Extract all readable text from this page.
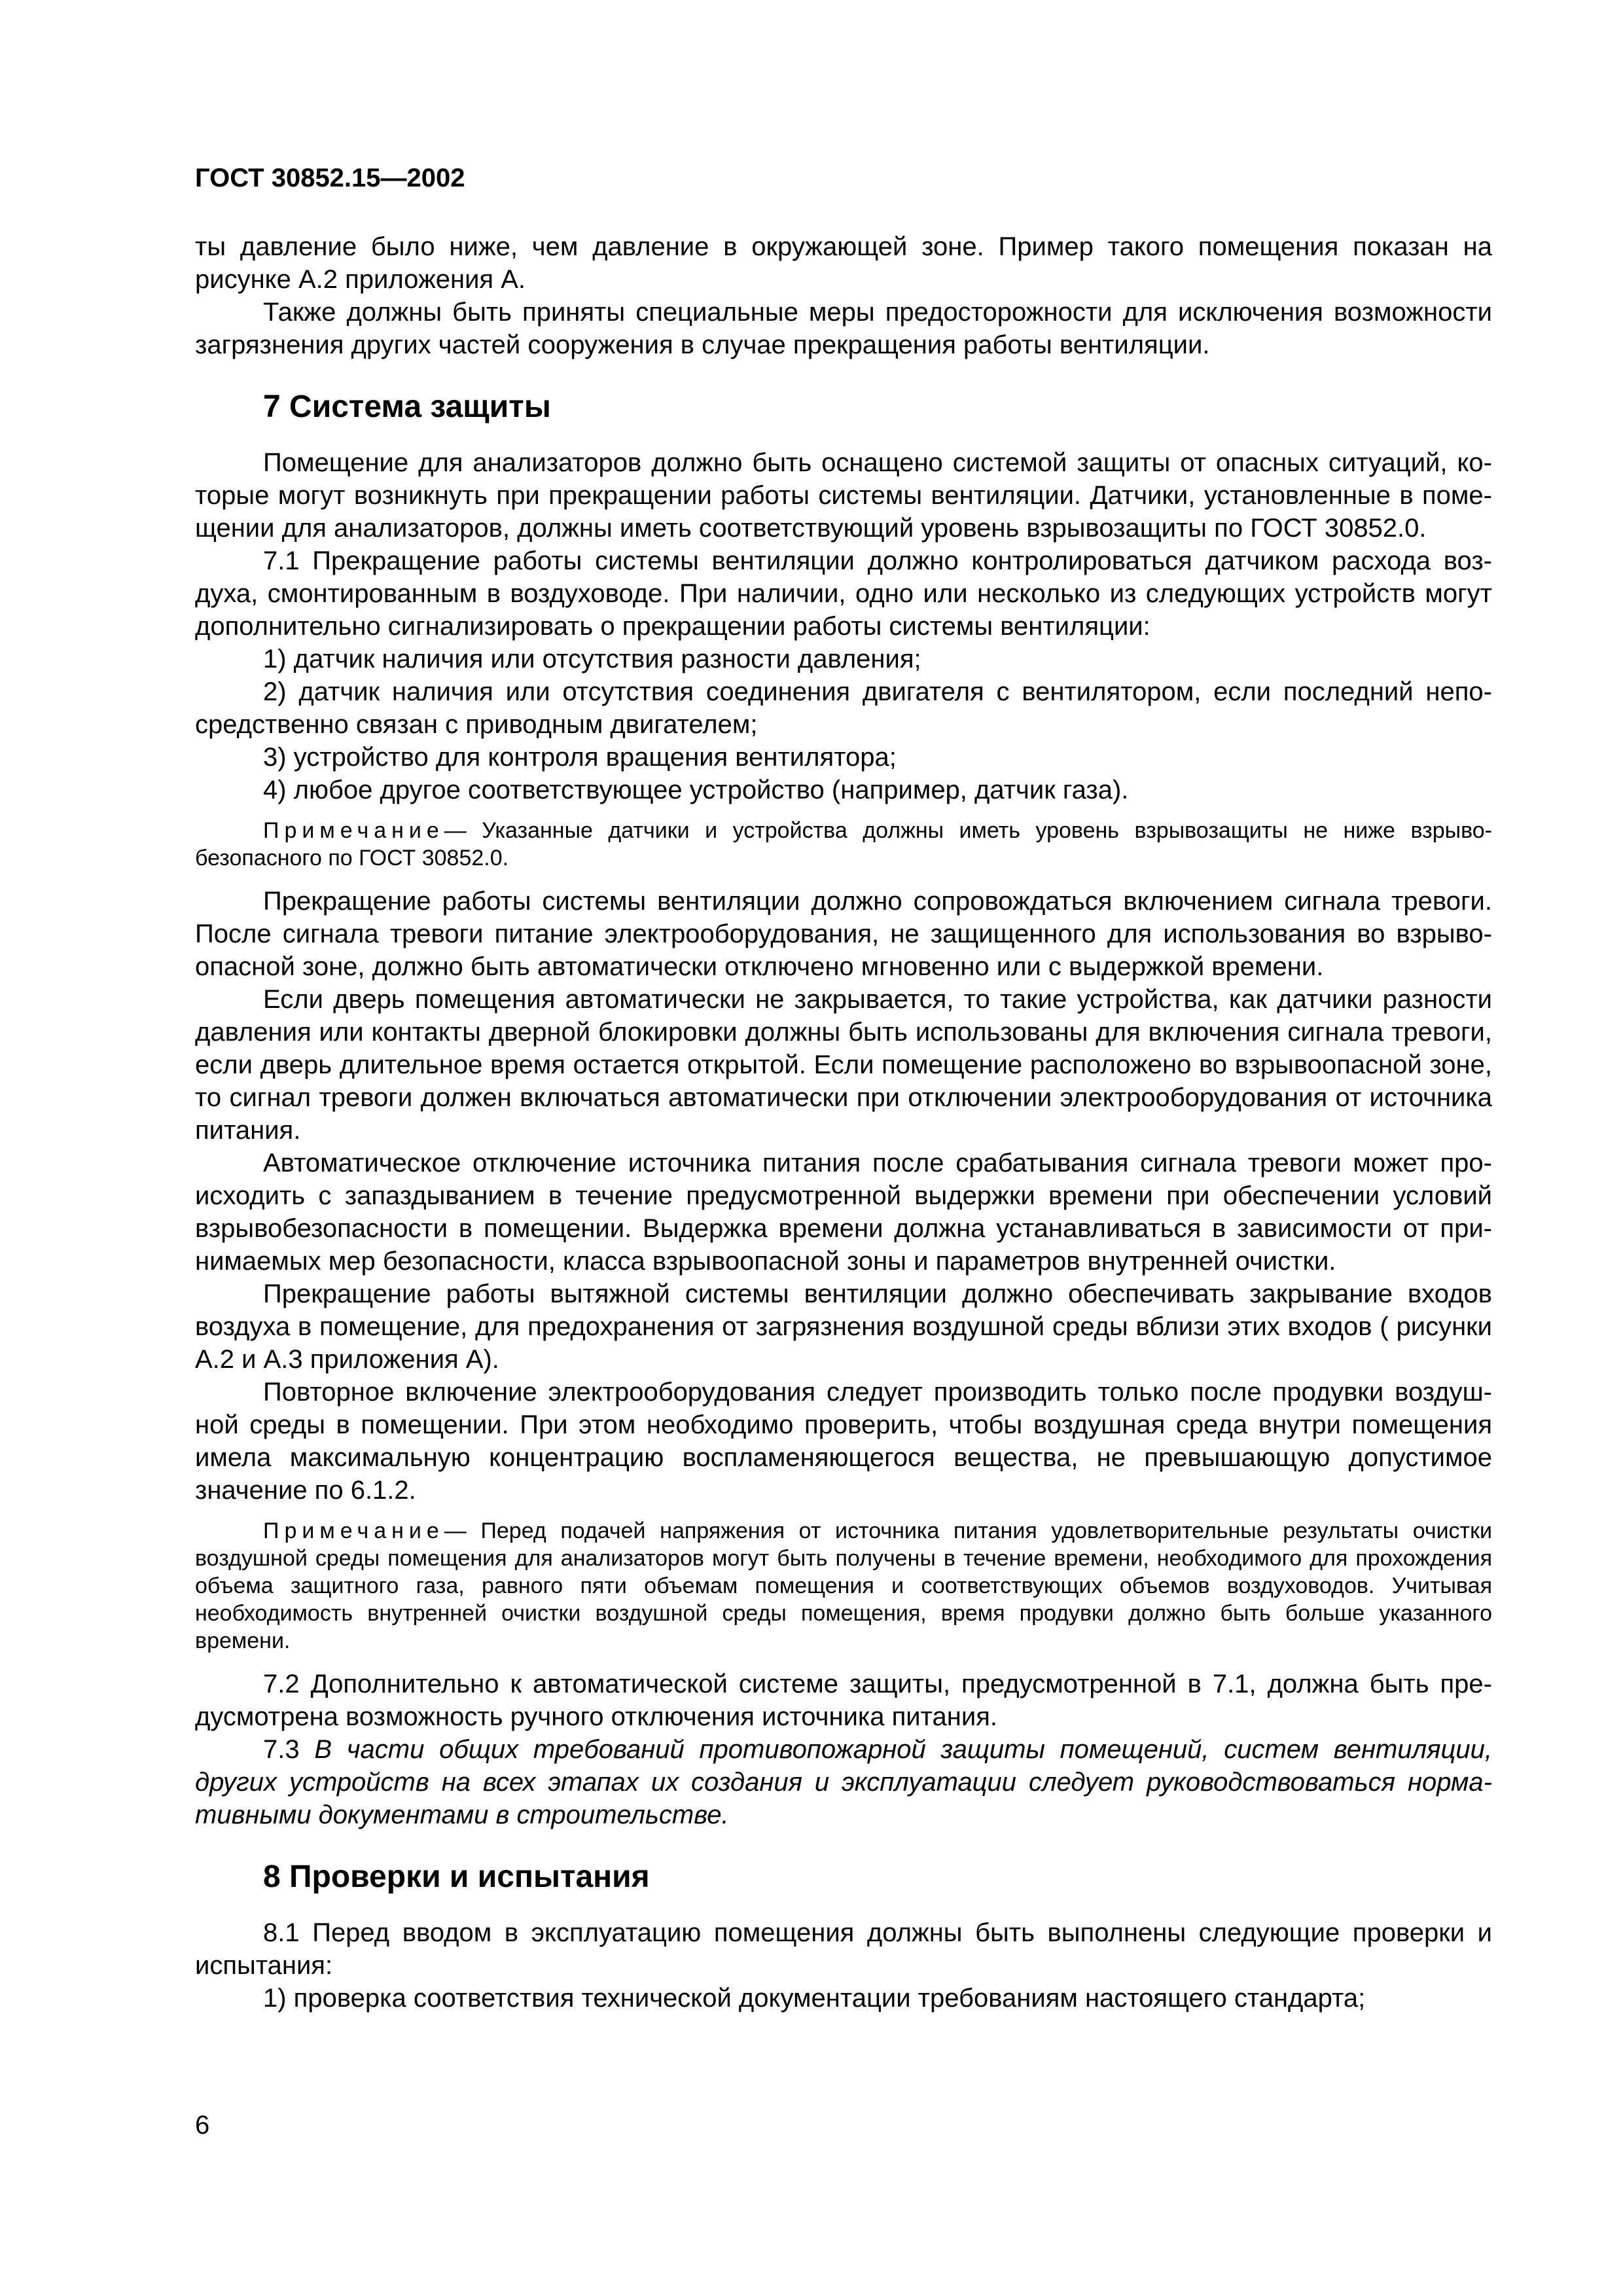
ГОСТ 30852.15—2002

ты давление было ниже, чем давление в окружающей зоне. Пример такого помещения показан на рисунке А.2 приложения А.

Также должны быть приняты специальные меры предосторожности для исключения возможности загрязнения других частей сооружения в случае прекращения работы вентиляции.

7 Система защиты

Помещение для анализаторов должно быть оснащено системой защиты от опасных ситуаций, которые могут возникнуть при прекращении работы системы вентиляции. Датчики, установленные в помещении для анализаторов, должны иметь соответствующий уровень взрывозащиты по ГОСТ 30852.0.

7.1 Прекращение работы системы вентиляции должно контролироваться датчиком расхода воздуха, смонтированным в воздуховоде. При наличии, одно или несколько из следующих устройств могут дополнительно сигнализировать о прекращении работы системы вентиляции:

1) датчик наличия или отсутствия разности давления;

2) датчик наличия или отсутствия соединения двигателя с вентилятором, если последний непосредственно связан с приводным двигателем;

3) устройство для контроля вращения вентилятора;

4) любое другое соответствующее устройство (например, датчик газа).

Примечание— Указанные датчики и устройства должны иметь уровень взрывозащиты не ниже взрывобезопасного по ГОСТ 30852.0.

Прекращение работы системы вентиляции должно сопровождаться включением сигнала тревоги. После сигнала тревоги питание электрооборудования, не защищенного для использования во взрывоопасной зоне, должно быть автоматически отключено мгновенно или с выдержкой времени.

Если дверь помещения автоматически не закрывается, то такие устройства, как датчики разности давления или контакты дверной блокировки должны быть использованы для включения сигнала тревоги, если дверь длительное время остается открытой. Если помещение расположено во взрывоопасной зоне, то сигнал тревоги должен включаться автоматически при отключении электрооборудования от источника питания.

Автоматическое отключение источника питания после срабатывания сигнала тревоги может происходить с запаздыванием в течение предусмотренной выдержки времени при обеспечении условий взрывобезопасности в помещении. Выдержка времени должна устанавливаться в зависимости от принимаемых мер безопасности, класса взрывоопасной зоны и параметров внутренней очистки.

Прекращение работы вытяжной системы вентиляции должно обеспечивать закрывание входов воздуха в помещение, для предохранения от загрязнения воздушной среды вблизи этих входов ( рисунки А.2 и А.3 приложения А).

Повторное включение электрооборудования следует производить только после продувки воздушной среды в помещении. При этом необходимо проверить, чтобы воздушная среда внутри помещения имела максимальную концентрацию воспламеняющегося вещества, не превышающую допустимое значение по 6.1.2.

Примечание— Перед подачей напряжения от источника питания удовлетворительные результаты очистки воздушной среды помещения для анализаторов могут быть получены в течение времени, необходимого для прохождения объема защитного газа, равного пяти объемам помещения и соответствующих объемов воздуховодов. Учитывая необходимость внутренней очистки воздушной среды помещения, время продувки должно быть больше указанного времени.

7.2 Дополнительно к автоматической системе защиты, предусмотренной в 7.1, должна быть предусмотрена возможность ручного отключения источника питания.

7.3 В части общих требований противопожарной защиты помещений, систем вентиляции, других устройств на всех этапах их создания и эксплуатации следует руководствоваться нормативными документами в строительстве.

8 Проверки и испытания

8.1 Перед вводом в эксплуатацию помещения должны быть выполнены следующие проверки и испытания:

1) проверка соответствия технической документации требованиям настоящего стандарта;

6
